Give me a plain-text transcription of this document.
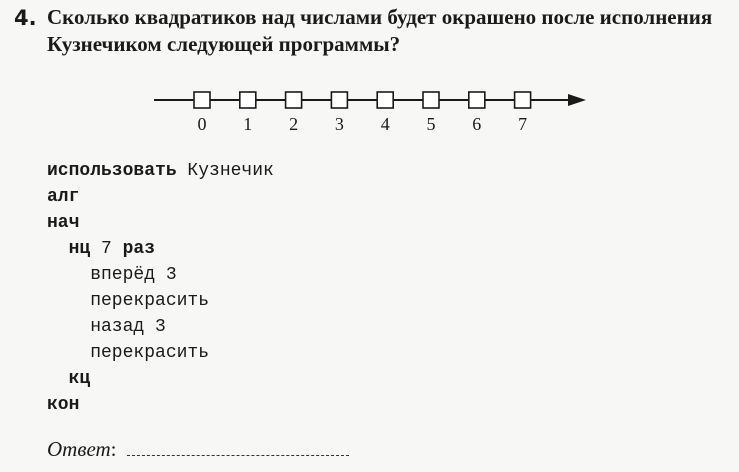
4. Сколько квадратиков над числами будет окрашено после исполнения Кузнечиком следующей программы?
0 1 2 3 4 5 6 7
использовать Кузнечик
алг
нач
нц 7 раз
вперёд 3
перекрасить
назад 3
перекрасить
кц
кон
Ответ:
